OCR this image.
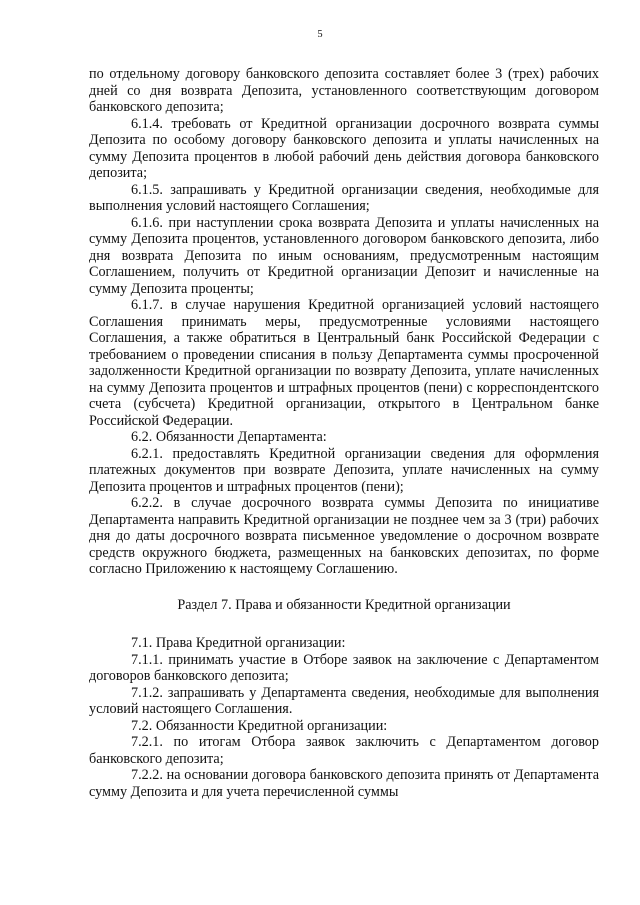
5

по отдельному договору банковского депозита составляет более 3 (трех) рабочих дней со дня возврата Депозита, установленного соответствующим договором банковского депозита;

6.1.4. требовать от Кредитной организации досрочного возврата суммы Депозита по особому договору банковского депозита и уплаты начисленных на сумму Депозита процентов в любой рабочий день действия договора банковского депозита;

6.1.5. запрашивать у Кредитной организации сведения, необходимые для выполнения условий настоящего Соглашения;

6.1.6. при наступлении срока возврата Депозита и уплаты начисленных на сумму Депозита процентов, установленного договором банковского депозита, либо дня возврата Депозита по иным основаниям, предусмотренным настоящим Соглашением, получить от Кредитной организации Депозит и начисленные на сумму Депозита проценты;

6.1.7. в случае нарушения Кредитной организацией условий настоящего Соглашения принимать меры, предусмотренные условиями настоящего Соглашения, а также обратиться в Центральный банк Российской Федерации с требованием о проведении списания в пользу Департамента суммы просроченной задолженности Кредитной организации по возврату Депозита, уплате начисленных на сумму Депозита процентов и штрафных процентов (пени) с корреспондентского счета (субсчета) Кредитной организации, открытого в Центральном банке Российской Федерации.

6.2. Обязанности Департамента:

6.2.1. предоставлять Кредитной организации сведения для оформления платежных документов при возврате Депозита, уплате начисленных на сумму Депозита процентов и штрафных процентов (пени);

6.2.2. в случае досрочного возврата суммы Депозита по инициативе Департамента направить Кредитной организации не позднее чем за 3 (три) рабочих дня до даты досрочного возврата письменное уведомление о досрочном возврате средств окружного бюджета, размещенных на банковских депозитах, по форме согласно Приложению к настоящему Соглашению.

Раздел 7. Права и обязанности Кредитной организации

7.1. Права Кредитной организации:

7.1.1. принимать участие в Отборе заявок на заключение с Департаментом договоров банковского депозита;

7.1.2. запрашивать у Департамента сведения, необходимые для выполнения условий настоящего Соглашения.

7.2. Обязанности Кредитной организации:

7.2.1. по итогам Отбора заявок заключить с Департаментом договор банковского депозита;

7.2.2. на основании договора банковского депозита принять от Департамента сумму Депозита и для учета перечисленной суммы
